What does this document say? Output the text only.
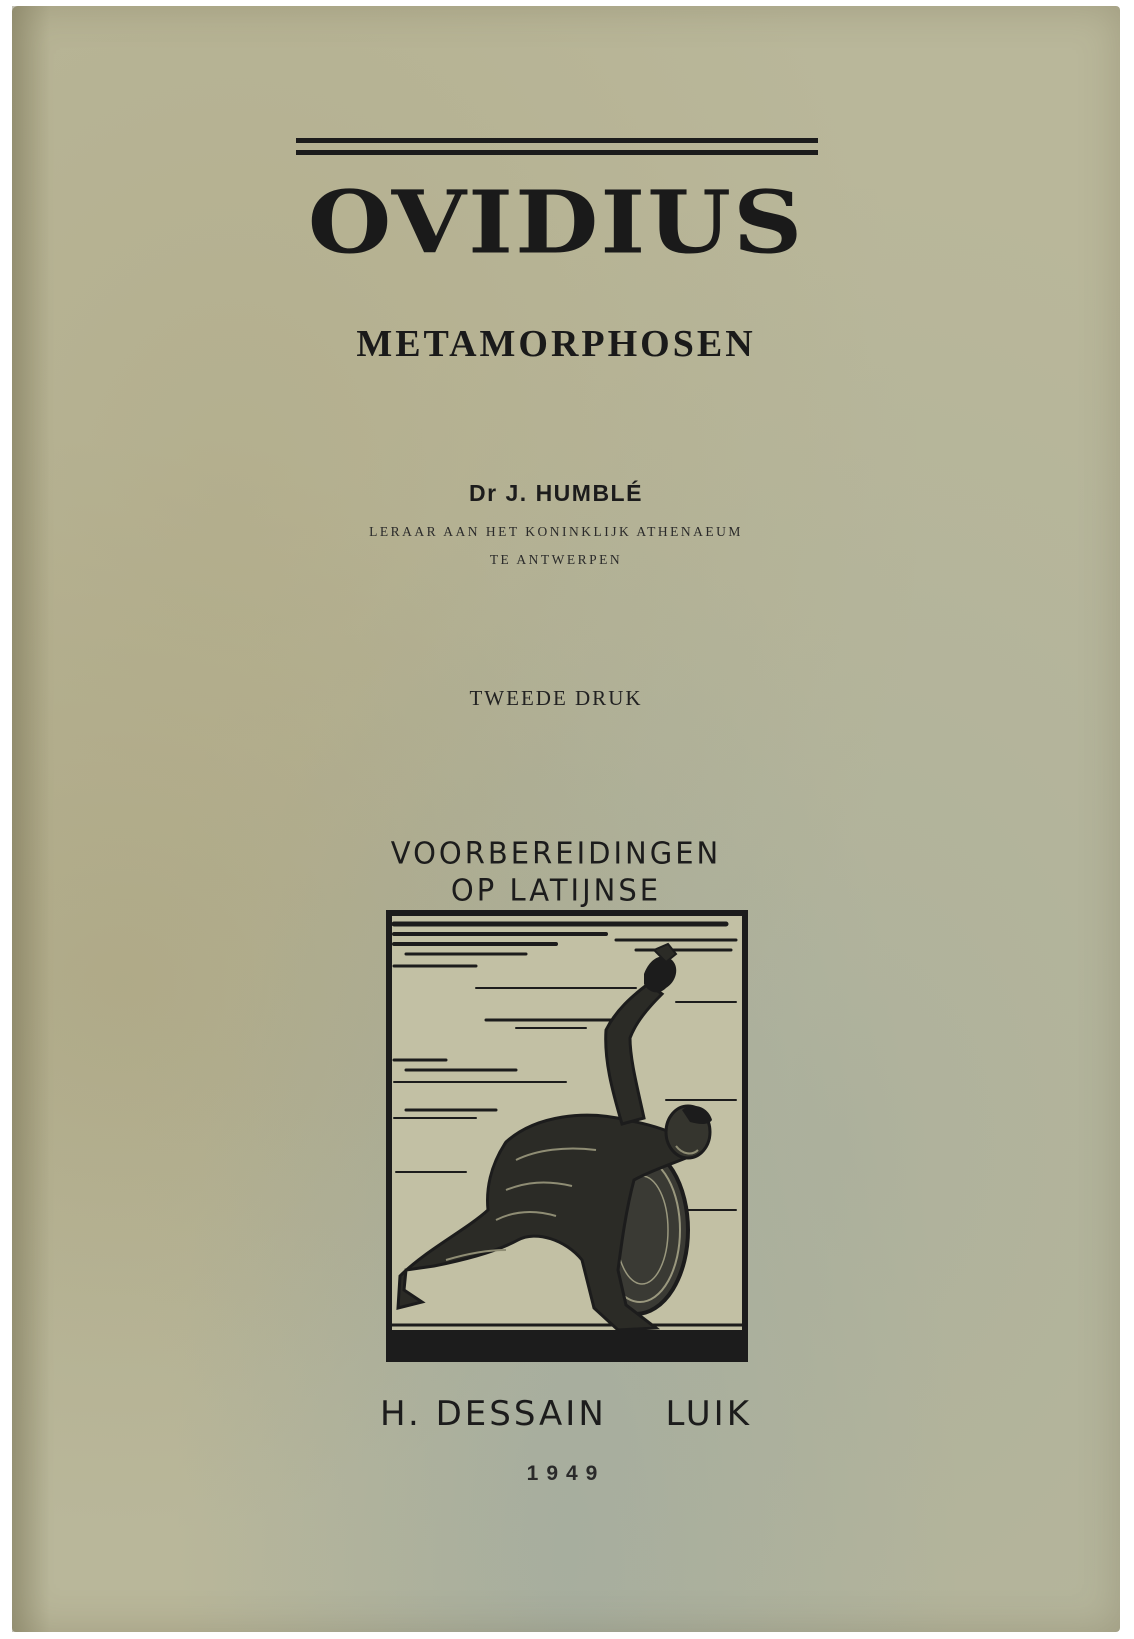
OVIDIUS
METAMORPHOSEN
Dr J. HUMBLÉ
LERAAR AAN HET KONINKLIJK ATHENAEUM
TE ANTWERPEN
TWEEDE DRUK
VOORBEREIDINGEN
OP LATIJNSE
H. DESSAIN LUIK
1949
